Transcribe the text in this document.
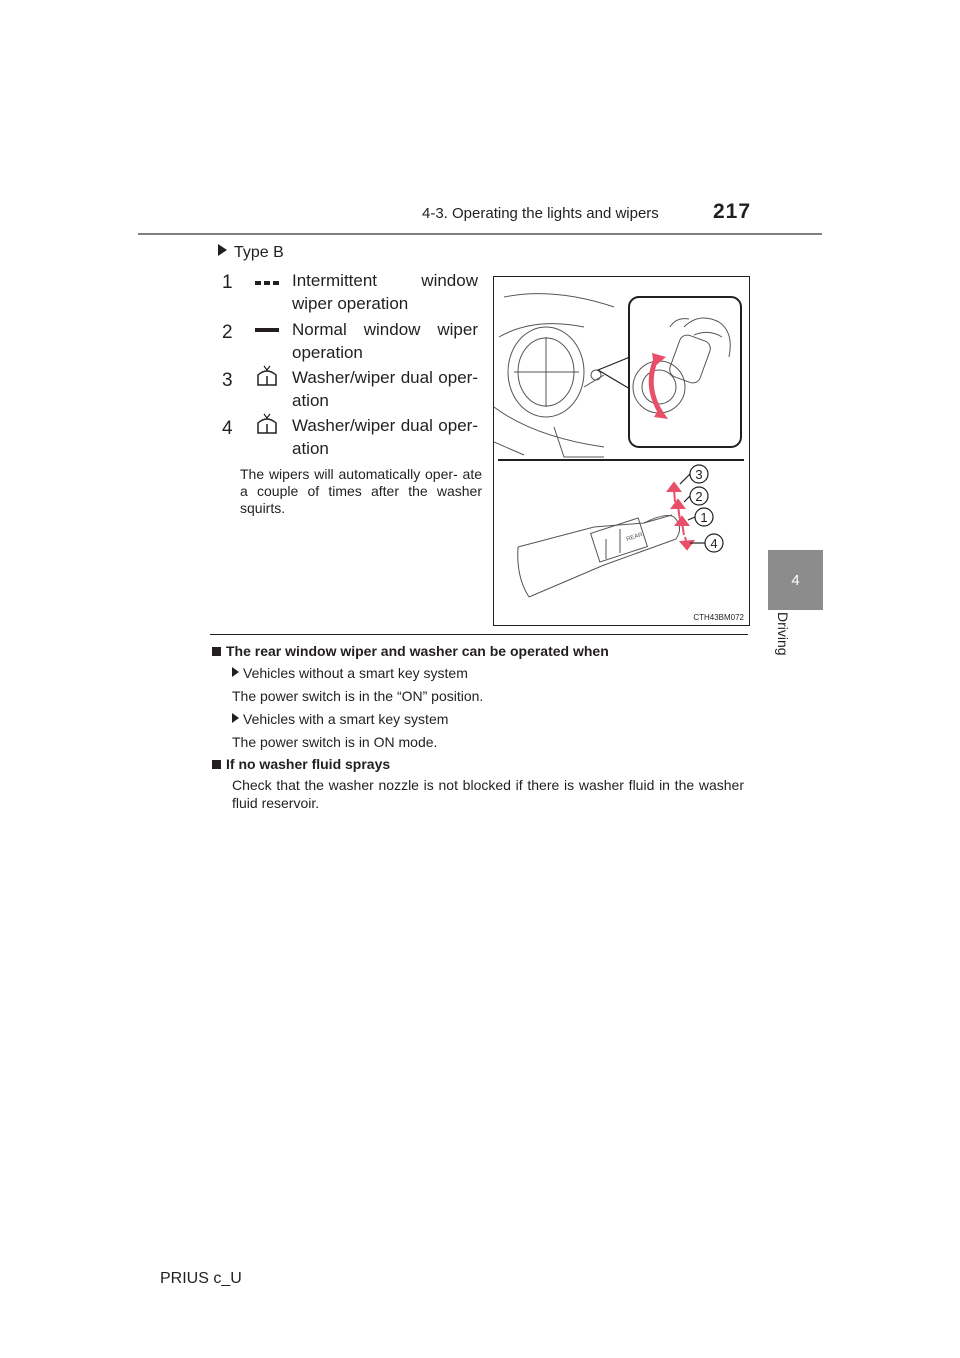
4-3. Operating the lights and wipers	217
4
Driving
Type B
1	Intermittent window wiper operation
2	Normal window wiper operation
3	Washer/wiper dual oper- ation
4	Washer/wiper dual oper- ation
The wipers will automatically oper- ate a couple of times after the washer squirts.
REAR
3
2
1
4
CTH43BM072
The rear window wiper and washer can be operated when
Vehicles without a smart key system
The power switch is in the “ON” position.
Vehicles with a smart key system
The power switch is in ON mode.
If no washer fluid sprays
Check that the washer nozzle is not blocked if there is washer fluid in the washer fluid reservoir.
PRIUS c_U
